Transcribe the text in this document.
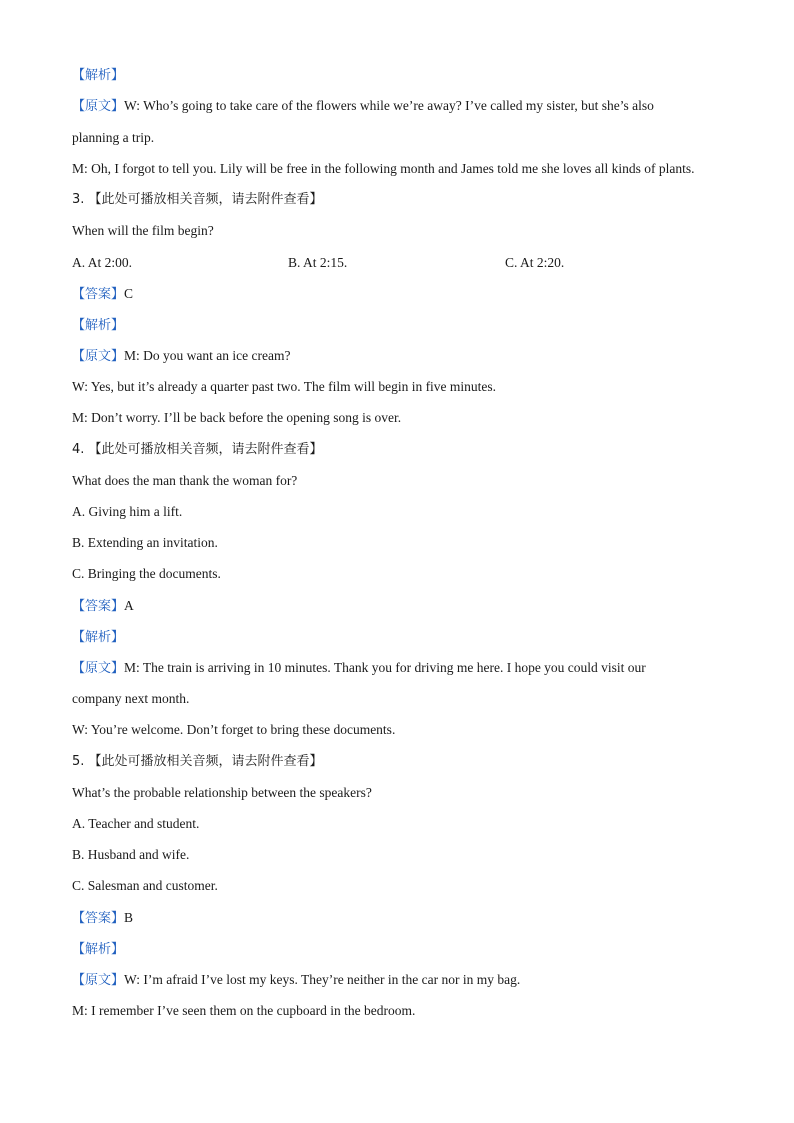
【解析】
【原文】W: Who’s going to take care of the flowers while we’re away? I’ve called my sister, but she’s also
planning a trip.
M: Oh, I forgot to tell you. Lily will be free in the following month and James told me she loves all kinds of plants.
3. 【此处可播放相关音频，请去附件查看】
When will the film begin?
A. At 2:00.	B. At 2:15.	C. At 2:20.
【答案】C
【解析】
【原文】M: Do you want an ice cream?
W: Yes, but it’s already a quarter past two. The film will begin in five minutes.
M: Don’t worry. I’ll be back before the opening song is over.
4. 【此处可播放相关音频，请去附件查看】
What does the man thank the woman for?
A. Giving him a lift.
B. Extending an invitation.
C. Bringing the documents.
【答案】A
【解析】
【原文】M: The train is arriving in 10 minutes. Thank you for driving me here. I hope you could visit our
company next month.
W: You’re welcome. Don’t forget to bring these documents.
5. 【此处可播放相关音频，请去附件查看】
What’s the probable relationship between the speakers?
A. Teacher and student.
B. Husband and wife.
C. Salesman and customer.
【答案】B
【解析】
【原文】W: I’m afraid I’ve lost my keys. They’re neither in the car nor in my bag.
M: I remember I’ve seen them on the cupboard in the bedroom.
